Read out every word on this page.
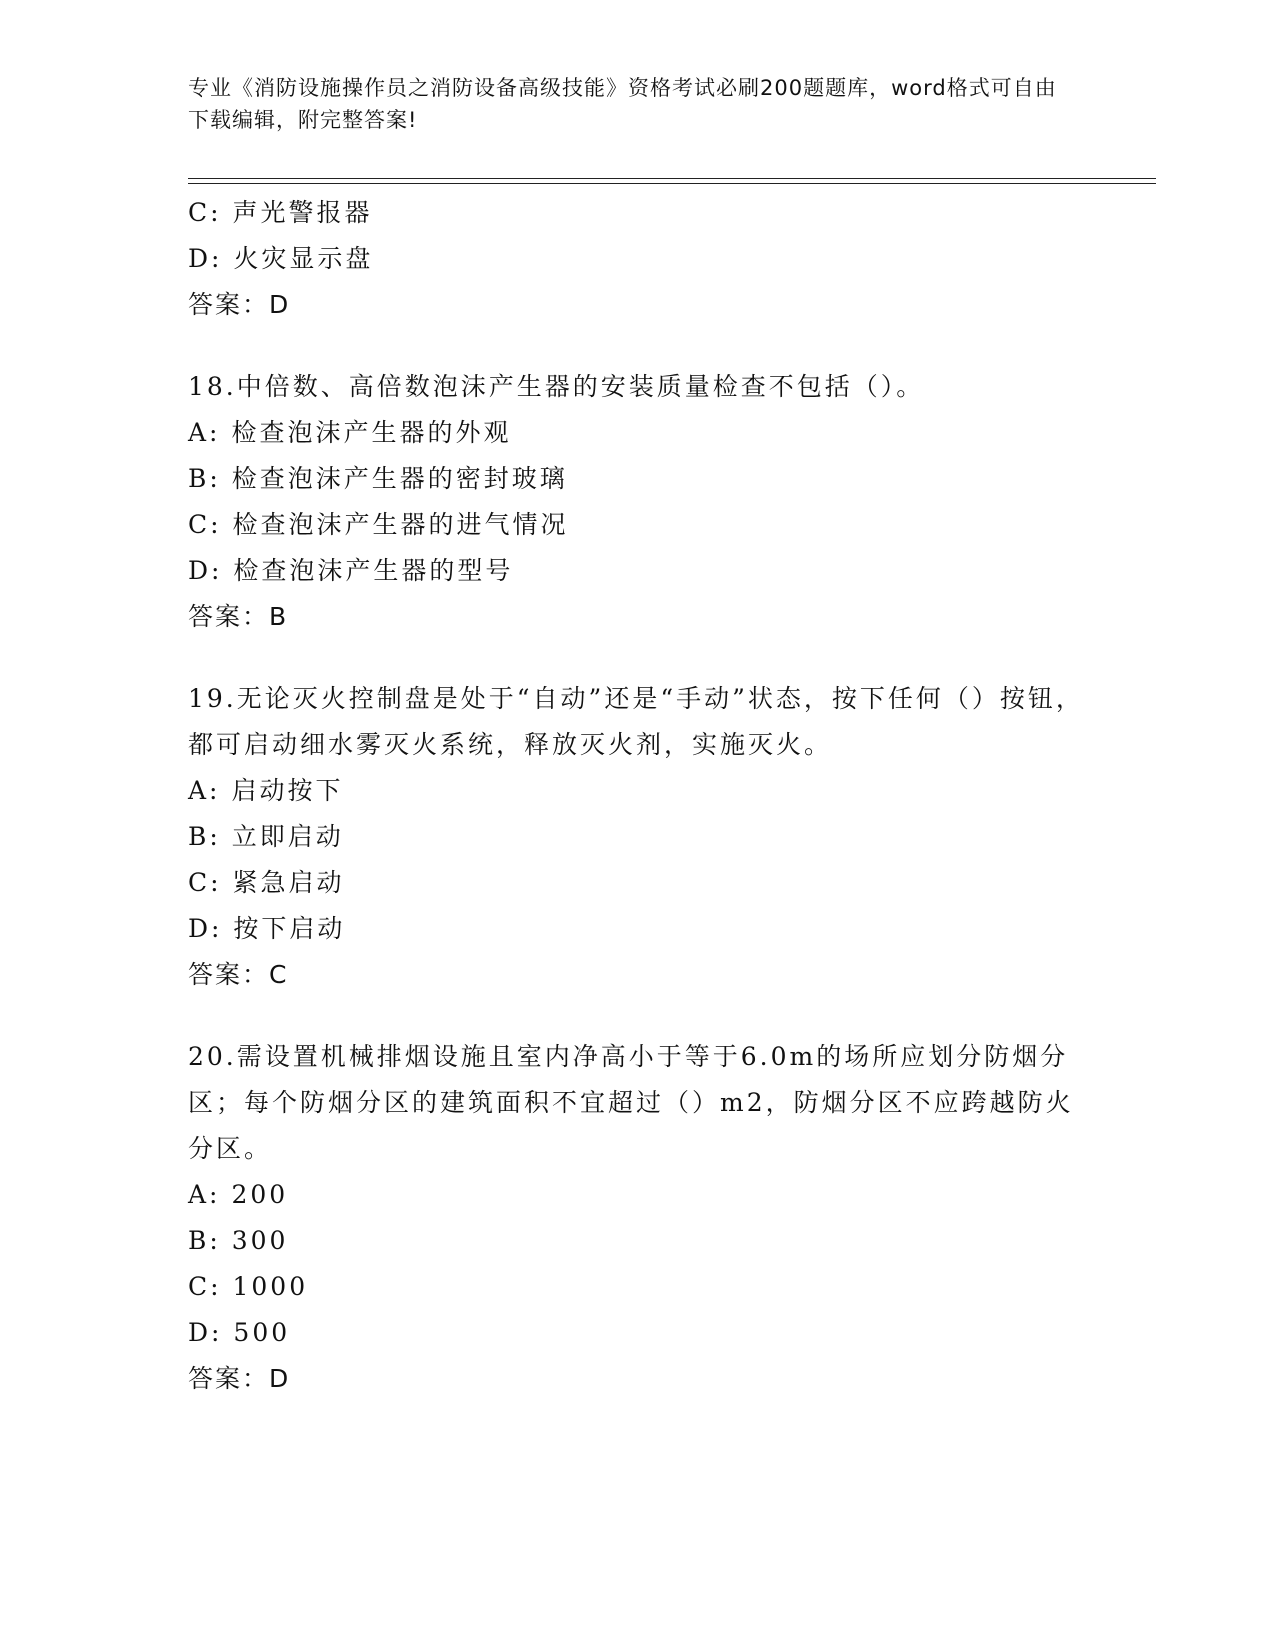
专业《消防设施操作员之消防设备高级技能》资格考试必刷200题题库，word格式可自由下载编辑，附完整答案!
C: 声光警报器
D: 火灾显示盘
答案：D
18.中倍数、高倍数泡沫产生器的安装质量检查不包括（）。
A: 检查泡沫产生器的外观
B: 检查泡沫产生器的密封玻璃
C: 检查泡沫产生器的进气情况
D: 检查泡沫产生器的型号
答案：B
19.无论灭火控制盘是处于“自动”还是“手动”状态，按下任何（）按钮，都可启动细水雾灭火系统，释放灭火剂，实施灭火。
A: 启动按下
B: 立即启动
C: 紧急启动
D: 按下启动
答案：C
20.需设置机械排烟设施且室内净高小于等于6.0m的场所应划分防烟分区；每个防烟分区的建筑面积不宜超过（）m2，防烟分区不应跨越防火分区。
A: 200
B: 300
C: 1000
D: 500
答案：D
